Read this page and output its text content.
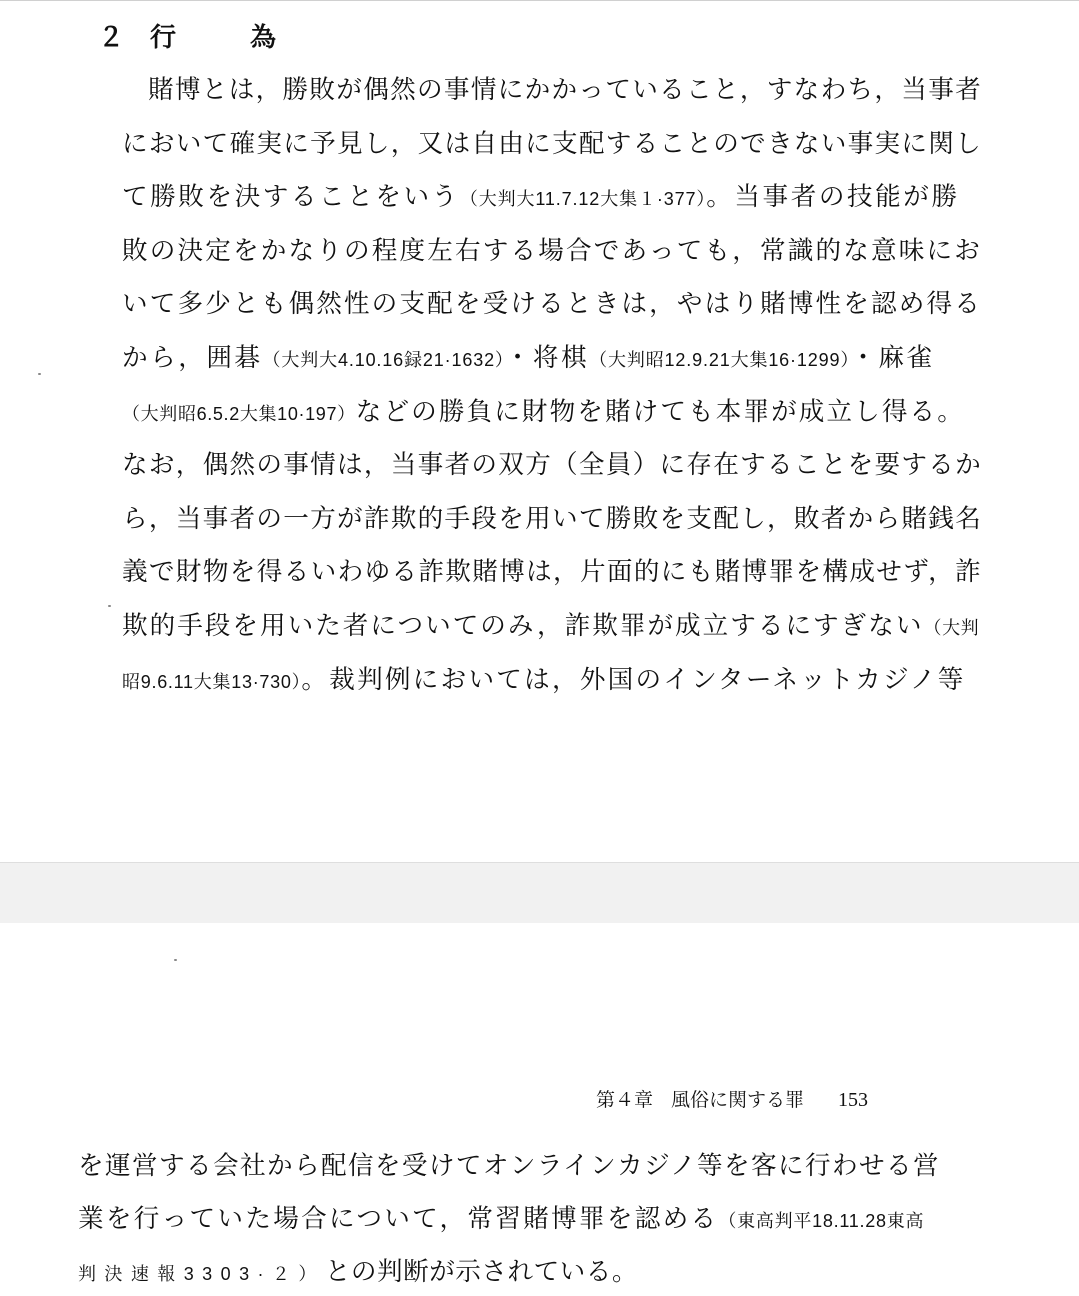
２ 行	為
賭博とは，勝敗が偶然の事情にかかっていること，すなわち，当事者
において確実に予見し，又は自由に支配することのできない事実に関し
て勝敗を決することをいう（大判大11.7.12大集１·377）。当事者の技能が勝
敗の決定をかなりの程度左右する場合であっても，常識的な意味にお
いて多少とも偶然性の支配を受けるときは，やはり賭博性を認め得る
から，囲碁（大判大4.10.16録21·1632）・将棋（大判昭12.9.21大集16·1299）・麻雀
（大判昭6.5.2大集10·197）などの勝負に財物を賭けても本罪が成立し得る。
なお，偶然の事情は，当事者の双方（全員）に存在することを要するか
ら，当事者の一方が詐欺的手段を用いて勝敗を支配し，敗者から賭銭名
義で財物を得るいわゆる詐欺賭博は，片面的にも賭博罪を構成せず，詐
欺的手段を用いた者についてのみ，詐欺罪が成立するにすぎない（大判
昭9.6.11大集13·730）。裁判例においては，外国のインターネットカジノ等
第４章 風俗に関する罪 153
を運営する会社から配信を受けてオンラインカジノ等を客に行わせる営
業を行っていた場合について，常習賭博罪を認める（東高判平18.11.28東高
判決速報3303·２）との判断が示されている。
